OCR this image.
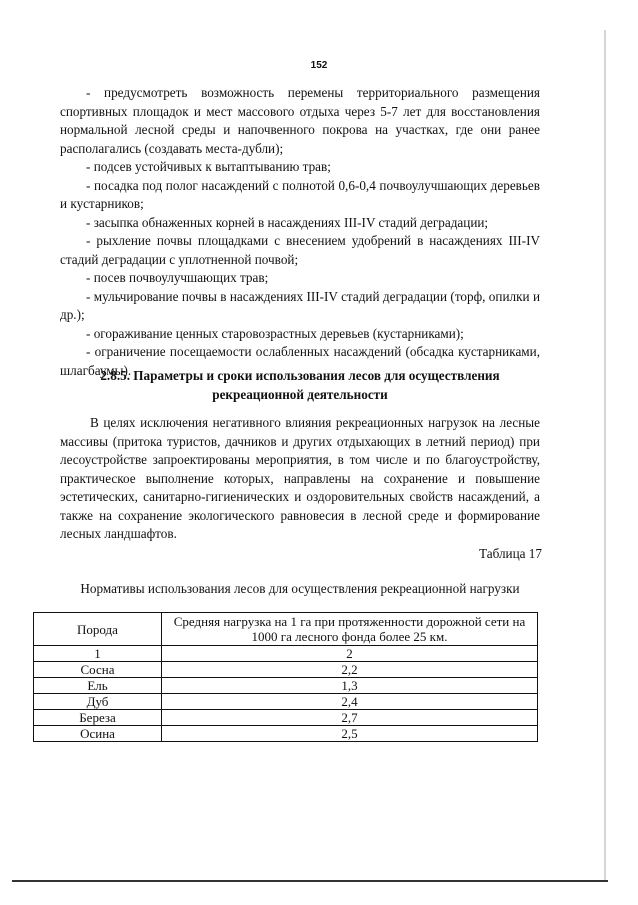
152

- предусмотреть возможность перемены территориального размещения спортивных площадок и мест массового отдыха через 5-7 лет для восстановления нормальной лесной среды и напочвенного покрова на участках, где они ранее располагались (создавать места-дубли);

- подсев устойчивых к вытаптыванию трав;

- посадка под полог насаждений с полнотой 0,6-0,4 почвоулучшающих деревьев и кустарников;

- засыпка обнаженных корней в насаждениях III-IV стадий деградации;

- рыхление почвы площадками с внесением удобрений в насаждениях III-IV стадий деградации с уплотненной почвой;

- посев почвоулучшающих трав;

- мульчирование почвы в насаждениях III-IV стадий деградации (торф, опилки и др.);

- огораживание ценных старовозрастных деревьев (кустарниками);

- ограничение посещаемости ослабленных насаждений (обсадка кустарниками, шлагбаумы).

2.8.5. Параметры и сроки использования лесов для осуществления
рекреационной деятельности

В целях исключения негативного влияния рекреационных нагрузок на лесные массивы (притока туристов, дачников и других отдыхающих в летний период) при лесоустройстве запроектированы мероприятия, в том числе и по благоустройству, практическое выполнение которых, направлены на сохранение и повышение эстетических, санитарно-гигиенических и оздоровительных свойств насаждений, а также на сохранение экологического равновесия в лесной среде и формирование лесных ландшафтов.

Таблица 17
Нормативы использования лесов для осуществления рекреационной нагрузки
Порода	Средняя нагрузка на 1 га при протяженности дорожной сети на 1000 га лесного фонда более 25 км.
1	2
Сосна	2,2
Ель	1,3
Дуб	2,4
Береза	2,7
Осина	2,5
